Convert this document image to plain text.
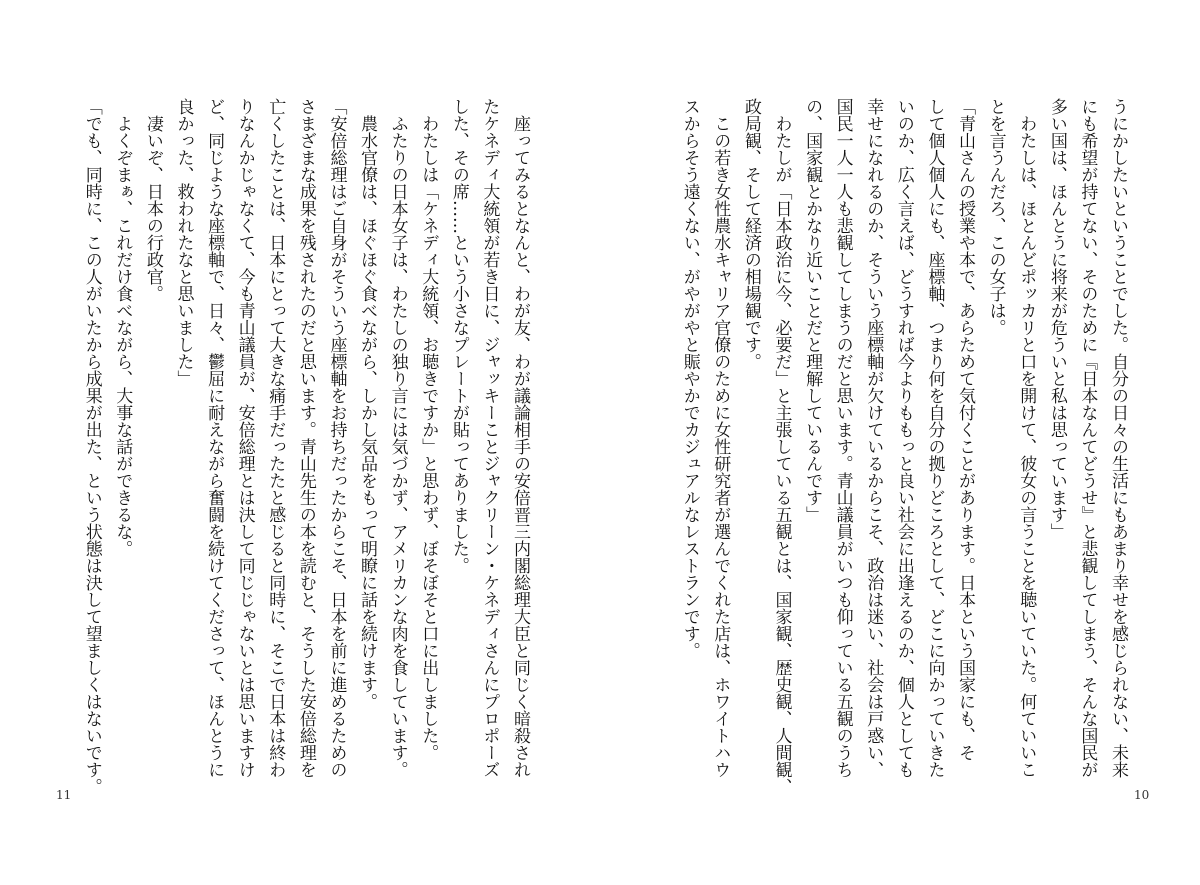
座ってみるとなんと、わが友、わが議論相手の安倍晋三内閣総理大臣と同じく暗殺され
たケネディ大統領が若き日に、ジャッキーことジャクリーン・ケネディさんにプロポーズ
した、その席……という小さなプレートが貼ってありました。
わたしは「ケネディ大統領、お聴きですか」と思わず、ぼそぼそと口に出しました。
ふたりの日本女子は、わたしの独り言には気づかず、アメリカンな肉を食しています。
農水官僚は、ほぐほぐ食べながら、しかし気品をもって明瞭に話を続けます。
「安倍総理はご自身がそういう座標軸をお持ちだったからこそ、日本を前に進めるための
さまざまな成果を残されたのだと思います。青山先生の本を読むと、そうした安倍総理を
亡くしたことは、日本にとって大きな痛手だったたと感じると同時に、そこで日本は終わ
りなんかじゃなくて、今も青山議員が、安倍総理とは決して同じじゃないとは思いますけ
ど、同じような座標軸で、日々、鬱屈に耐えながら奮闘を続けてくださって、ほんとうに
良かった、救われたなと思いました」
凄いぞ、日本の行政官。
よくぞまぁ、これだけ食べながら、大事な話ができるな。
「でも、同時に、この人がいたから成果が出た、という状態は決して望ましくはないです。
11
うにかしたいということでした。自分の日々の生活にもあまり幸せを感じられない、未来
にも希望が持てない、そのために『日本なんてどうせ』と悲観してしまう、そんな国民が
多い国は、ほんとうに将来が危ういと私は思っています」
わたしは、ほとんどポッカリと口を開けて、彼女の言うことを聴いていた。何ていいこ
とを言うんだろ、この女子は。
「青山さんの授業や本で、あらためて気付くことがあります。日本という国家にも、そ
して個人個人にも、座標軸、つまり何を自分の拠りどころとして、どこに向かっていきた
いのか、広く言えば、どうすれば今よりももっと良い社会に出逢えるのか、個人としても
幸せになれるのか、そういう座標軸が欠けているからこそ、政治は迷い、社会は戸惑い、
国民一人一人も悲観してしまうのだと思います。青山議員がいつも仰っている五観のうち
の、国家観とかなり近いことだと理解しているんです」
わたしが「日本政治に今、必要だ」と主張している五観とは、国家観、歴史観、人間観、
政局観、そして経済の相場観です。
この若き女性農水キャリア官僚のために女性研究者が選んでくれた店は、ホワイトハウ
スからそう遠くない、がやがやと賑やかでカジュアルなレストランです。
10
